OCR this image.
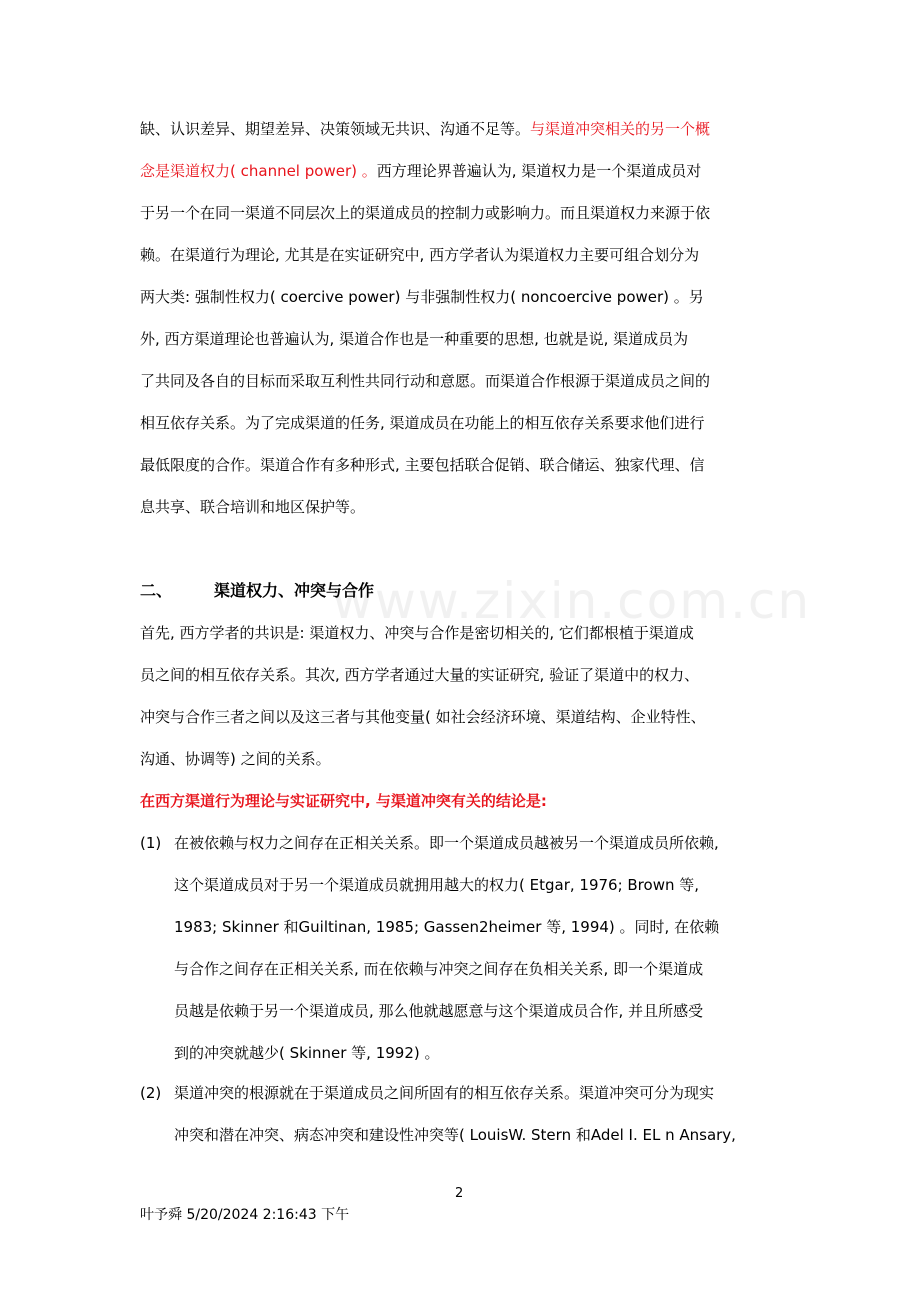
www.zixin.com.cn
缺、认识差异、期望差异、决策领域无共识、沟通不足等。与渠道冲突相关的另一个概
念是渠道权力( channel power) 。西方理论界普遍认为, 渠道权力是一个渠道成员对
于另一个在同一渠道不同层次上的渠道成员的控制力或影响力。而且渠道权力来源于依
赖。在渠道行为理论, 尤其是在实证研究中, 西方学者认为渠道权力主要可组合划分为
两大类: 强制性权力( coercive power) 与非强制性权力( noncoercive power) 。另
外, 西方渠道理论也普遍认为, 渠道合作也是一种重要的思想, 也就是说, 渠道成员为
了共同及各自的目标而采取互利性共同行动和意愿。而渠道合作根源于渠道成员之间的
相互依存关系。为了完成渠道的任务, 渠道成员在功能上的相互依存关系要求他们进行
最低限度的合作。渠道合作有多种形式, 主要包括联合促销、联合储运、独家代理、信
息共享、联合培训和地区保护等。
二、	渠道权力、冲突与合作
首先, 西方学者的共识是: 渠道权力、冲突与合作是密切相关的, 它们都根植于渠道成
员之间的相互依存关系。其次, 西方学者通过大量的实证研究, 验证了渠道中的权力、
冲突与合作三者之间以及这三者与其他变量( 如社会经济环境、渠道结构、企业特性、
沟通、协调等) 之间的关系。
在西方渠道行为理论与实证研究中, 与渠道冲突有关的结论是:
(1) 在被依赖与权力之间存在正相关关系。即一个渠道成员越被另一个渠道成员所依赖,
这个渠道成员对于另一个渠道成员就拥用越大的权力( Etgar, 1976; Brown 等,
1983; Skinner 和Guiltinan, 1985; Gassen2heimer 等, 1994) 。同时, 在依赖
与合作之间存在正相关关系, 而在依赖与冲突之间存在负相关关系, 即一个渠道成
员越是依赖于另一个渠道成员, 那么他就越愿意与这个渠道成员合作, 并且所感受
到的冲突就越少( Skinner 等, 1992) 。
(2) 渠道冲突的根源就在于渠道成员之间所固有的相互依存关系。渠道冲突可分为现实
冲突和潜在冲突、病态冲突和建设性冲突等( LouisW. Stern 和Adel I. EL n Ansary,
2
叶予舜 5/20/2024 2:16:43 下午
